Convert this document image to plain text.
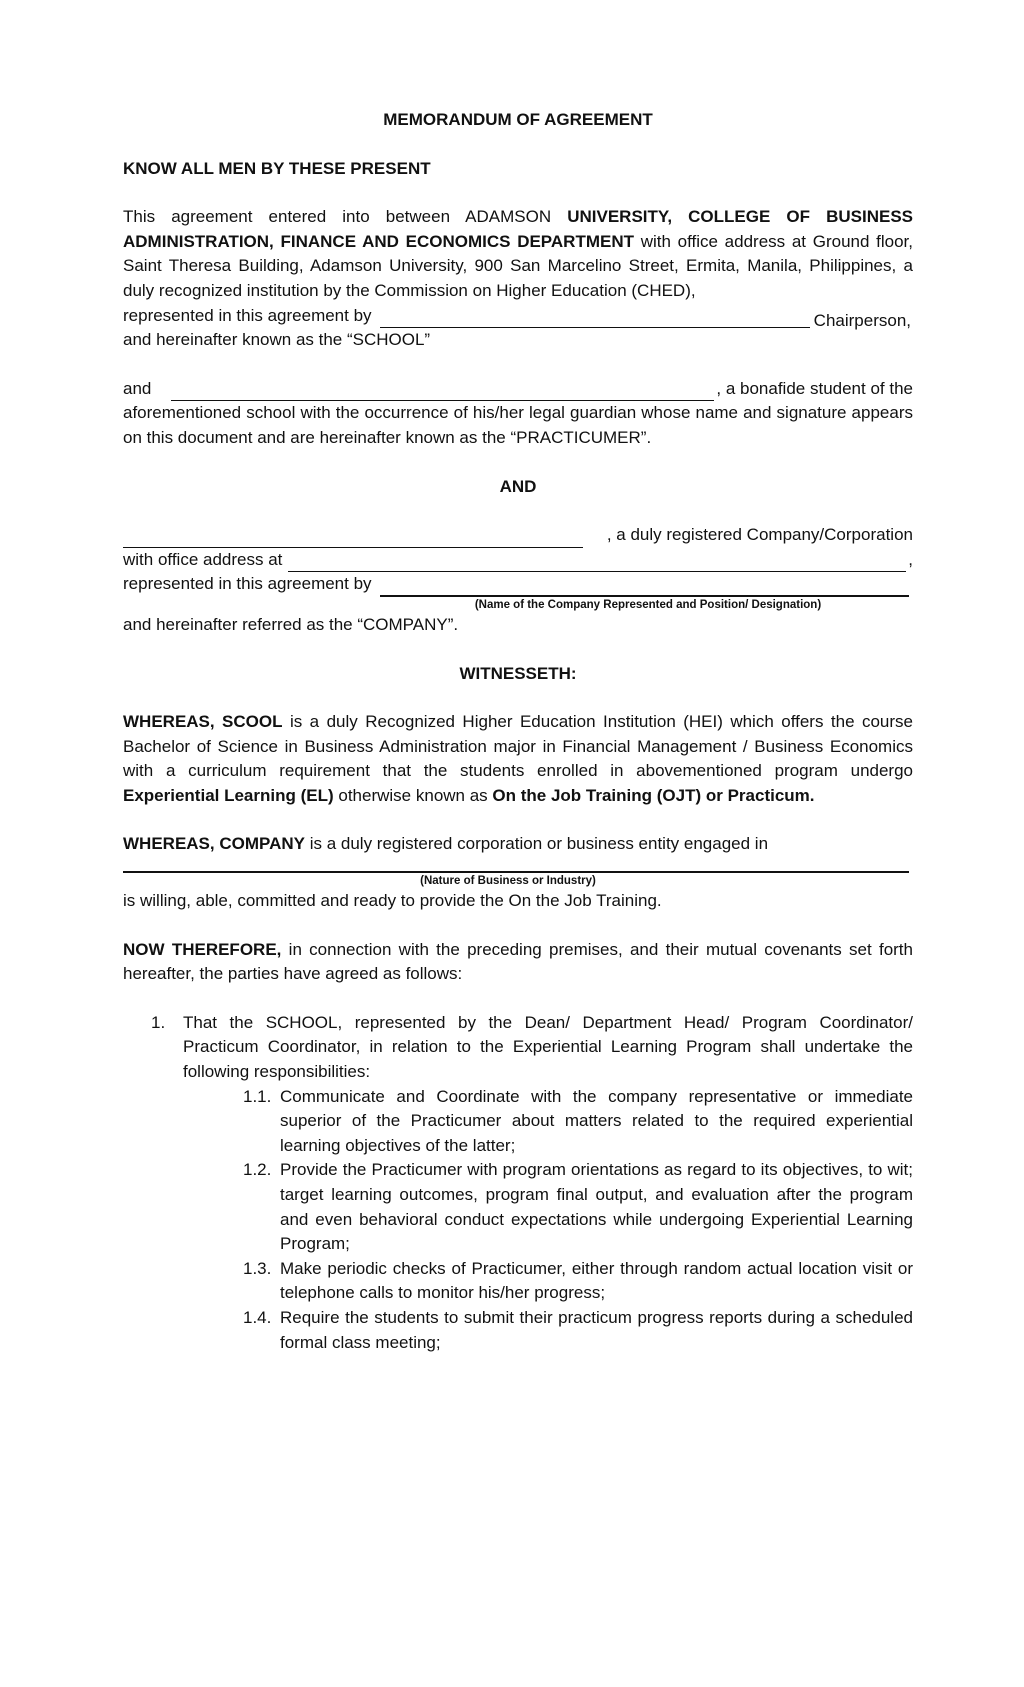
MEMORANDUM OF AGREEMENT
KNOW ALL MEN BY THESE PRESENT

This agreement entered into between ADAMSON UNIVERSITY, COLLEGE OF BUSINESS ADMINISTRATION, FINANCE AND ECONOMICS DEPARTMENT with office address at Ground floor, Saint Theresa Building, Adamson University, 900 San Marcelino Street, Ermita, Manila, Philippines, a duly recognized institution by the Commission on Higher Education (CHED),

represented in this agreement by	Chairperson,
and hereinafter known as the “SCHOOL”
and	, a bonafide student of the

aforementioned school with the occurrence of his/her legal guardian whose name and signature appears on this document and are hereinafter known as the “PRACTICUMER”.

AND
, a duly registered Company/Corporation
with office address at	,
represented in this agreement by
(Name of the Company Represented and Position/ Designation)
and hereinafter referred as the “COMPANY”.
WITNESSETH:

WHEREAS, SCOOL is a duly Recognized Higher Education Institution (HEI) which offers the course Bachelor of Science in Business Administration major in Financial Management / Business Economics with a curriculum requirement that the students enrolled in abovementioned program undergo Experiential Learning (EL) otherwise known as On the Job Training (OJT) or Practicum.

WHEREAS, COMPANY is a duly registered corporation or business entity engaged in
(Nature of Business or Industry)
is willing, able, committed and ready to provide the On the Job Training.

NOW THEREFORE, in connection with the preceding premises, and their mutual covenants set forth hereafter, the parties have agreed as follows:

1. That the SCHOOL, represented by the Dean/ Department Head/ Program Coordinator/ Practicum Coordinator, in relation to the Experiential Learning Program shall undertake the following responsibilities:
1.1. Communicate and Coordinate with the company representative or immediate superior of the Practicumer about matters related to the required experiential learning objectives of the latter;
1.2. Provide the Practicumer with program orientations as regard to its objectives, to wit; target learning outcomes, program final output, and evaluation after the program and even behavioral conduct expectations while undergoing Experiential Learning Program;
1.3. Make periodic checks of Practicumer, either through random actual location visit or telephone calls to monitor his/her progress;
1.4. Require the students to submit their practicum progress reports during a scheduled formal class meeting;
